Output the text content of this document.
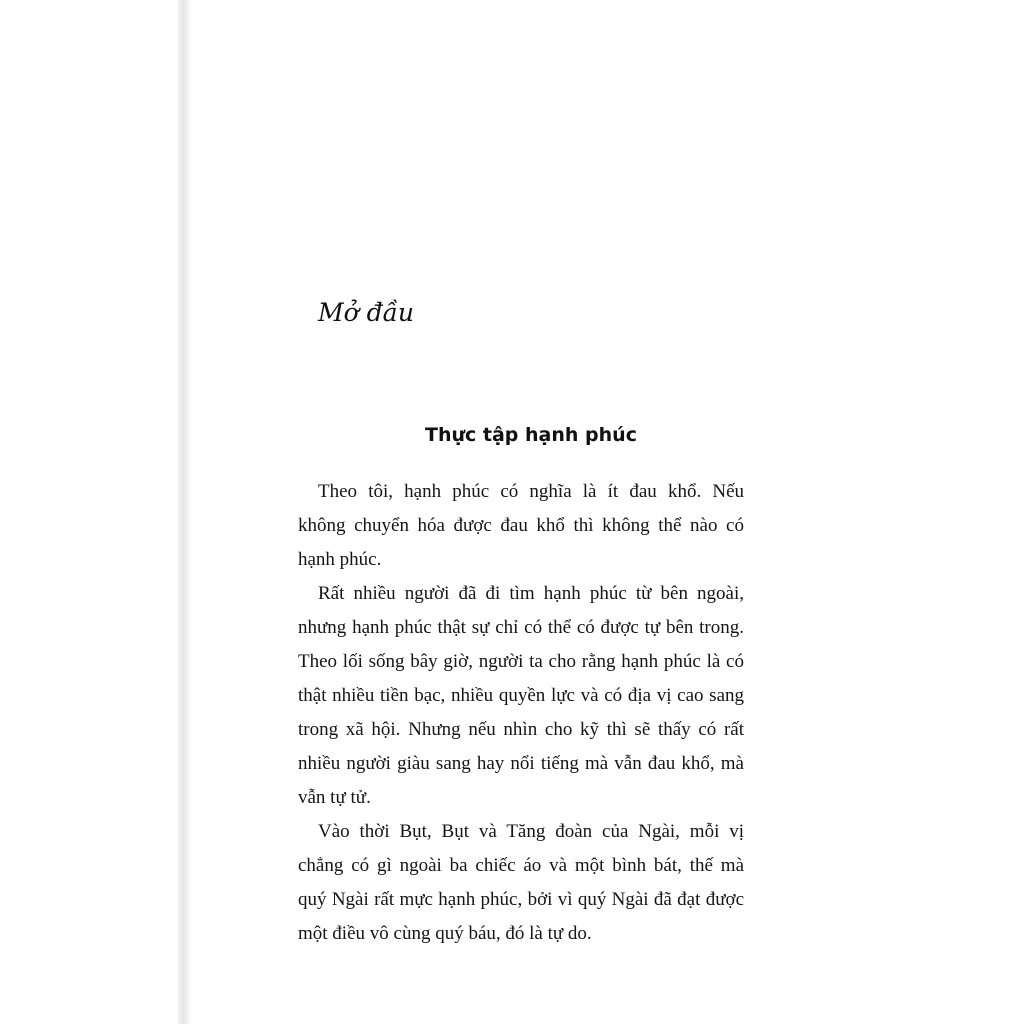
Mở đầu
Thực tập hạnh phúc
Theo tôi, hạnh phúc có nghĩa là ít đau khổ. Nếu
không chuyển hóa được đau khổ thì không thể nào có
hạnh phúc.
Rất nhiều người đã đi tìm hạnh phúc từ bên ngoài,
nhưng hạnh phúc thật sự chỉ có thể có được tự bên trong.
Theo lối sống bây giờ, người ta cho rằng hạnh phúc là có
thật nhiều tiền bạc, nhiều quyền lực và có địa vị cao sang
trong xã hội. Nhưng nếu nhìn cho kỹ thì sẽ thấy có rất
nhiều người giàu sang hay nổi tiếng mà vẫn đau khổ, mà
vẫn tự tử.
Vào thời Bụt, Bụt và Tăng đoàn của Ngài, mỗi vị
chẳng có gì ngoài ba chiếc áo và một bình bát, thế mà
quý Ngài rất mực hạnh phúc, bởi vì quý Ngài đã đạt được
một điều vô cùng quý báu, đó là tự do.
